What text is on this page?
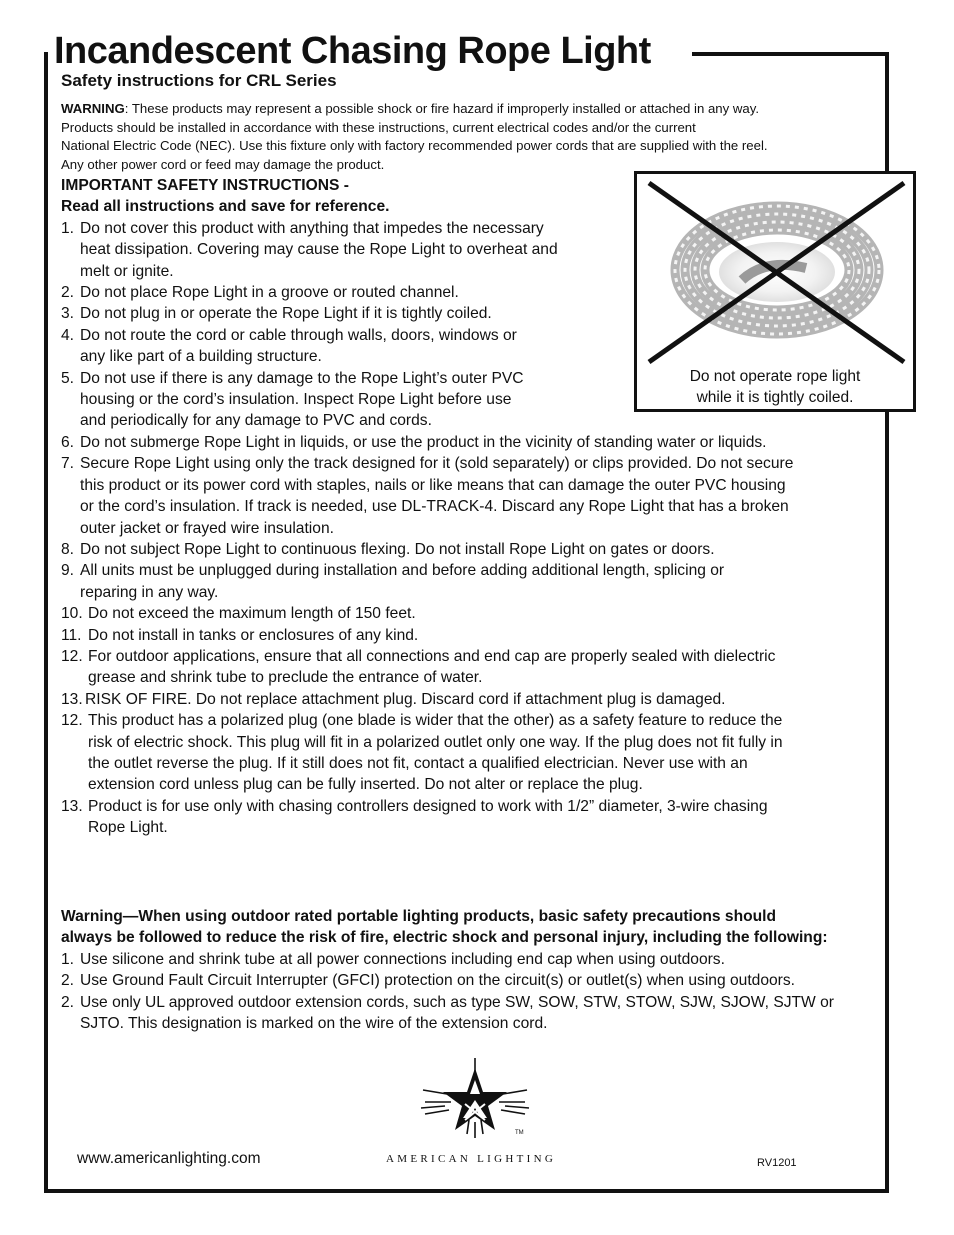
Incandescent Chasing Rope Light
Safety instructions for CRL Series

WARNING: These products may represent a possible shock or fire hazard if improperly installed or attached in any way.

Products should be installed in accordance with these instructions, current electrical codes and/or the current

National Electric Code (NEC). Use this fixture only with factory recommended power cords that are supplied with the reel.

Any other power cord or feed may damage the product.

IMPORTANT SAFETY INSTRUCTIONS -

Read all instructions and save for reference.

1. Do not cover this product with anything that impedes the necessary
heat dissipation. Covering may cause the Rope Light to overheat and
melt or ignite.
2. Do not place Rope Light in a groove or routed channel.
3. Do not plug in or operate the Rope Light if it is tightly coiled.
4. Do not route the cord or cable through walls, doors, windows or
any like part of a building structure.
5. Do not use if there is any damage to the Rope Light’s outer PVC
housing or the cord’s insulation. Inspect Rope Light before use
and periodically for any damage to PVC and cords.
6. Do not submerge Rope Light in liquids, or use the product in the vicinity of standing water or liquids.
7. Secure Rope Light using only the track designed for it (sold separately) or clips provided. Do not secure
this product or its power cord with staples, nails or like means that can damage the outer PVC housing
or the cord’s insulation. If track is needed, use DL-TRACK-4. Discard any Rope Light that has a broken
outer jacket or frayed wire insulation.
8. Do not subject Rope Light to continuous flexing. Do not install Rope Light on gates or doors.
9. All units must be unplugged during installation and before adding additional length, splicing or
reparing in any way.
10. Do not exceed the maximum length of 150 feet.
11. Do not install in tanks or enclosures of any kind.
12. For outdoor applications, ensure that all connections and end cap are properly sealed with dielectric
grease and shrink tube to preclude the entrance of water.
13. RISK OF FIRE. Do not replace attachment plug. Discard cord if attachment plug is damaged.
12. This product has a polarized plug (one blade is wider that the other) as a safety feature to reduce the
risk of electric shock. This plug will fit in a polarized outlet only one way. If the plug does not fit fully in
the outlet reverse the plug. If it still does not fit, contact a qualified electrician. Never use with an
extension cord unless plug can be fully inserted. Do not alter or replace the plug.
13. Product is for use only with chasing controllers designed to work with 1/2” diameter, 3-wire chasing
Rope Light.
Do not operate rope light
while it is tightly coiled.

Warning—When using outdoor rated portable lighting products, basic safety precautions should

always be followed to reduce the risk of fire, electric shock and personal injury, including the following:

1. Use silicone and shrink tube at all power connections including end cap when using outdoors.
2. Use Ground Fault Circuit Interrupter (GFCI) protection on the circuit(s) or outlet(s) when using outdoors.
2. Use only UL approved outdoor extension cords, such as type SW, SOW, STW, STOW, SJW, SJOW, SJTW or
SJTO. This designation is marked on the wire of the extension cord.
TM
www.americanlighting.com	AMERICAN LIGHTING	RV1201
